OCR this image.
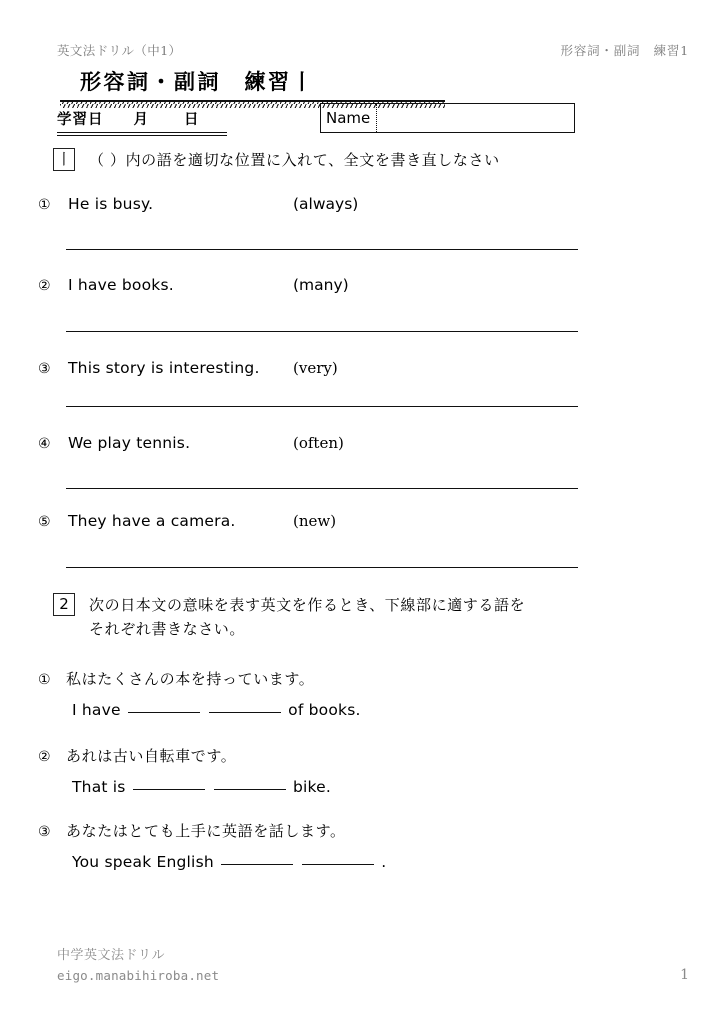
英文法ドリル（中1）	形容詞・副詞　練習1
形容詞・副詞　練習丨
学習日 月 日	Name
丨 （ ）内の語を適切な位置に入れて、全文を書き直しなさい
①	He is busy.	(always)
②	I have books.	(many)
③	This story is interesting.	(very)
④	We play tennis.	(often)
⑤	They have a camera.	(new)
2	次の日本文の意味を表す英文を作るとき、下線部に適する語を
それぞれ書きなさい。
① 私はたくさんの本を持っています。
I have	of books.
② あれは古い自転車です。
That is	bike.
③ あなたはとても上手に英語を話します。
You speak English	.
中学英文法ドリル
eigo.manabihiroba.net	1
